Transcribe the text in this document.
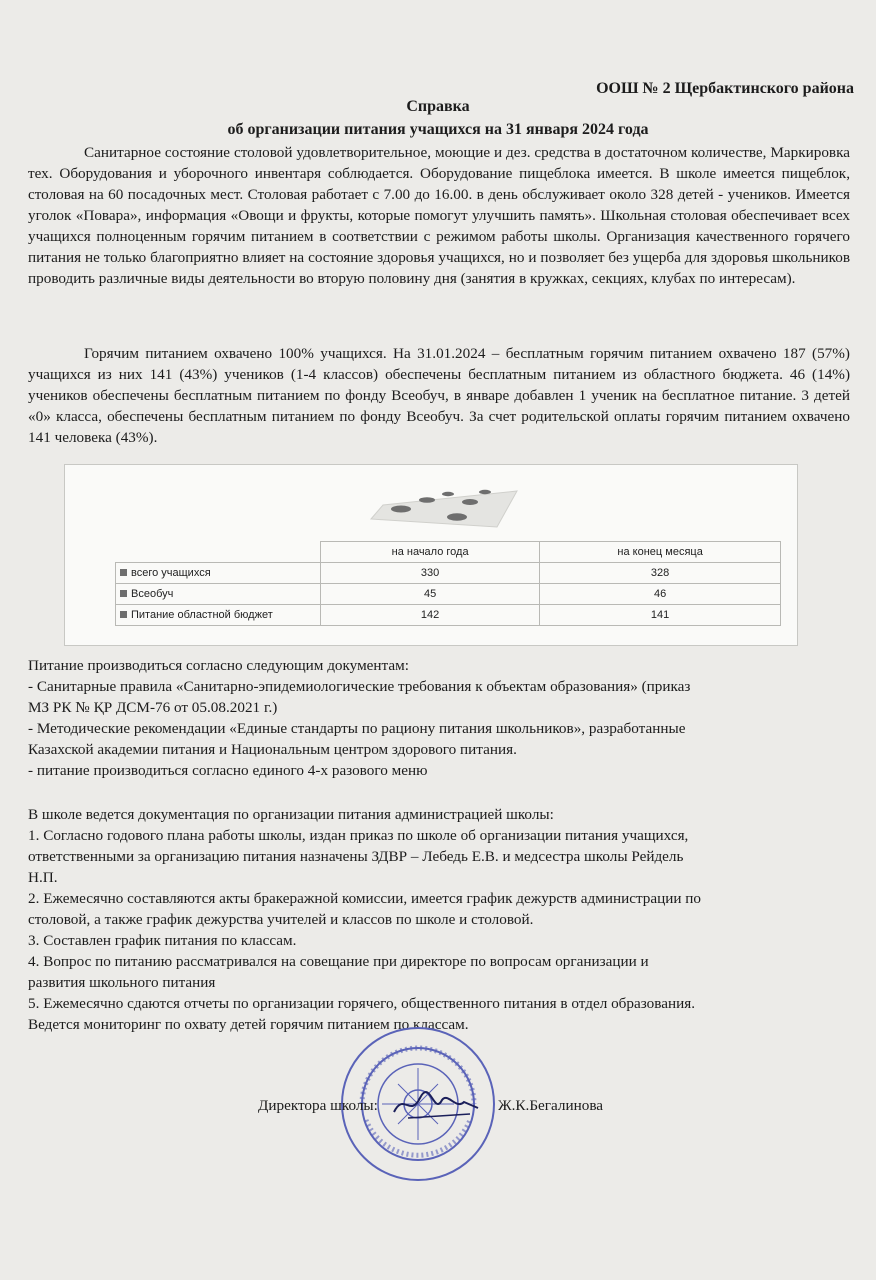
ООШ № 2 Щербактинского района
Справка
об организации питания учащихся на 31 января 2024 года

Санитарное состояние столовой удовлетворительное, моющие и дез. средства в достаточном количестве, Маркировка тех. Оборудования и уборочного инвентаря соблюдается. Оборудование пищеблока имеется. В школе имеется пищеблок, столовая на 60 посадочных мест. Столовая работает с 7.00 до 16.00. в день обслуживает около 328 детей - учеников. Имеется уголок «Повара», информация «Овощи и фрукты, которые помогут улучшить память». Школьная столовая обеспечивает всех учащихся полноценным горячим питанием в соответствии с режимом работы школы. Организация качественного горячего питания не только благоприятно влияет на состояние здоровья учащихся, но и позволяет без ущерба для здоровья школьников проводить различные виды деятельности во вторую половину дня (занятия в кружках, секциях, клубах по интересам).

Горячим питанием охвачено 100% учащихся. На 31.01.2024 – бесплатным горячим питанием охвачено 187 (57%) учащихся из них 141 (43%) учеников (1-4 классов) обеспечены бесплатным питанием из областного бюджета. 46 (14%) учеников обеспечены бесплатным питанием по фонду Всеобуч, в январе добавлен 1 ученик на бесплатное питание. 3 детей «0» класса, обеспечены бесплатным питанием по фонду Всеобуч. За счет родительской оплаты горячим питанием охвачено 141 человека (43%).

	на начало года	на конец месяца
всего учащихся	330	328
Всеобуч	45	46
Питание областной бюджет	142	141
Питание производиться согласно следующим документам:
- Санитарные правила «Санитарно-эпидемиологические требования к объектам образования» (приказ
МЗ РК № ҚР ДСМ-76 от 05.08.2021 г.)
- Методические рекомендации «Единые стандарты по рациону питания школьников», разработанные
Казахской академии питания и Национальным центром здорового питания.
- питание производиться согласно единого 4-х разового меню
В школе ведется документация по организации питания администрацией школы:
1. Согласно годового плана работы школы, издан приказ по школе об организации питания учащихся,
ответственными за организацию питания назначены ЗДВР – Лебедь Е.В. и медсестра школы Рейдель
Н.П.
2. Ежемесячно составляются акты бракеражной комиссии, имеется график дежурств администрации по
столовой, а также график дежурства учителей и классов по школе и столовой.
3. Составлен график питания по классам.
4. Вопрос по питанию рассматривался на совещание при директоре по вопросам организации и
развития школьного питания
5. Ежемесячно сдаются отчеты по организации горячего, общественного питания в отдел образования.
Ведется мониторинг по охвату детей горячим питанием по классам.
Директора школы:	Ж.К.Бегалинова
